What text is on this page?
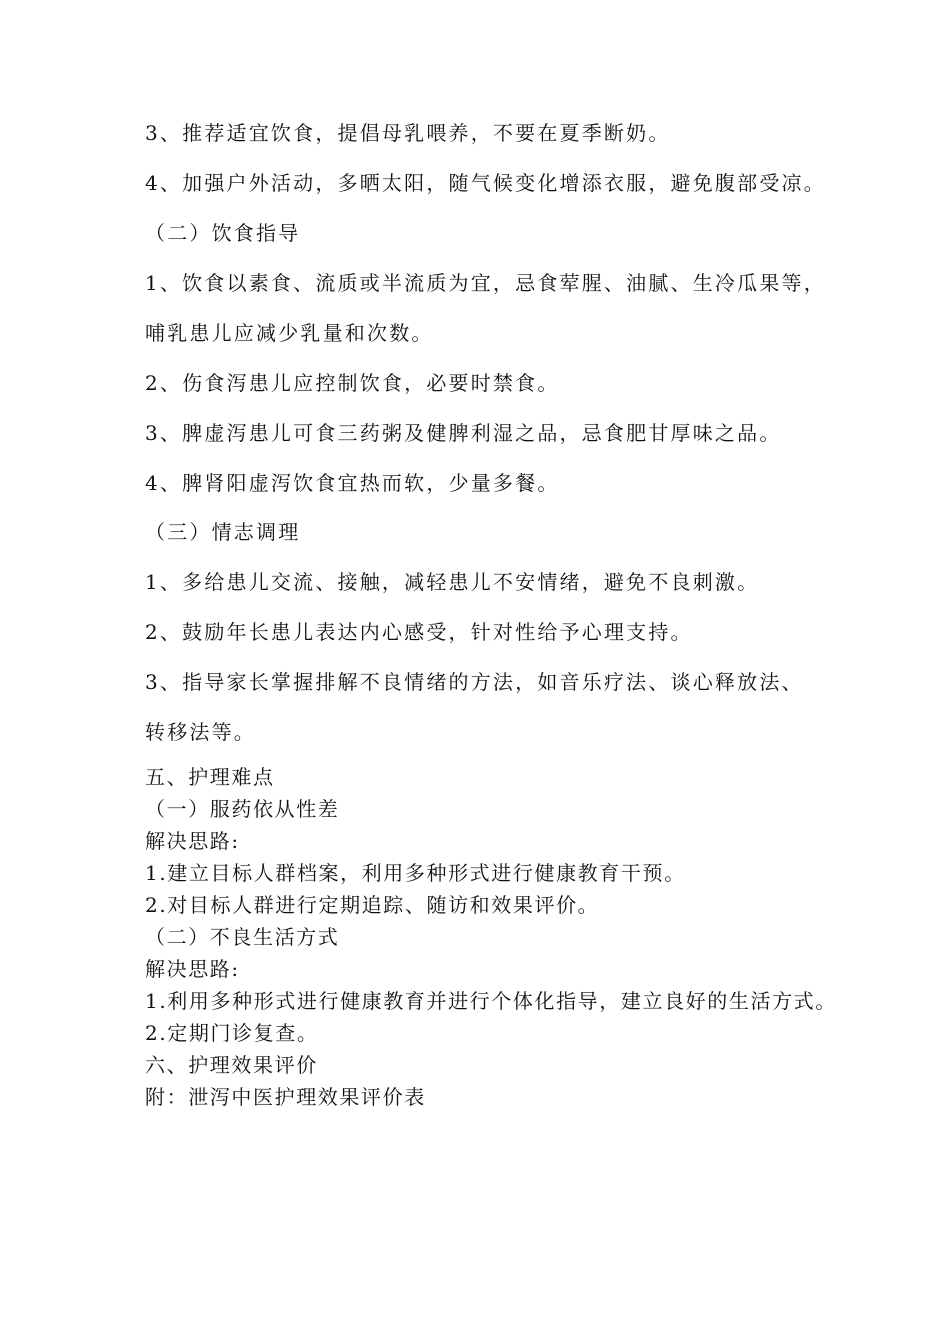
3、推荐适宜饮食，提倡母乳喂养，不要在夏季断奶。
4、加强户外活动，多晒太阳，随气候变化增添衣服，避免腹部受凉。
（二）饮食指导
1、饮食以素食、流质或半流质为宜，忌食荤腥、油腻、生冷瓜果等，
哺乳患儿应减少乳量和次数。
2、伤食泻患儿应控制饮食，必要时禁食。
3、脾虚泻患儿可食三药粥及健脾利湿之品，忌食肥甘厚味之品。
4、脾肾阳虚泻饮食宜热而软，少量多餐。
（三）情志调理
1、多给患儿交流、接触，减轻患儿不安情绪，避免不良刺激。
2、鼓励年长患儿表达内心感受，针对性给予心理支持。
3、指导家长掌握排解不良情绪的方法，如音乐疗法、谈心释放法、
转移法等。
五、护理难点
（一）服药依从性差
解决思路:
1.建立目标人群档案，利用多种形式进行健康教育干预。
2.对目标人群进行定期追踪、随访和效果评价。
（二）不良生活方式
解决思路:
1.利用多种形式进行健康教育并进行个体化指导，建立良好的生活方式。
2.定期门诊复查。
六、护理效果评价
附：泄泻中医护理效果评价表
